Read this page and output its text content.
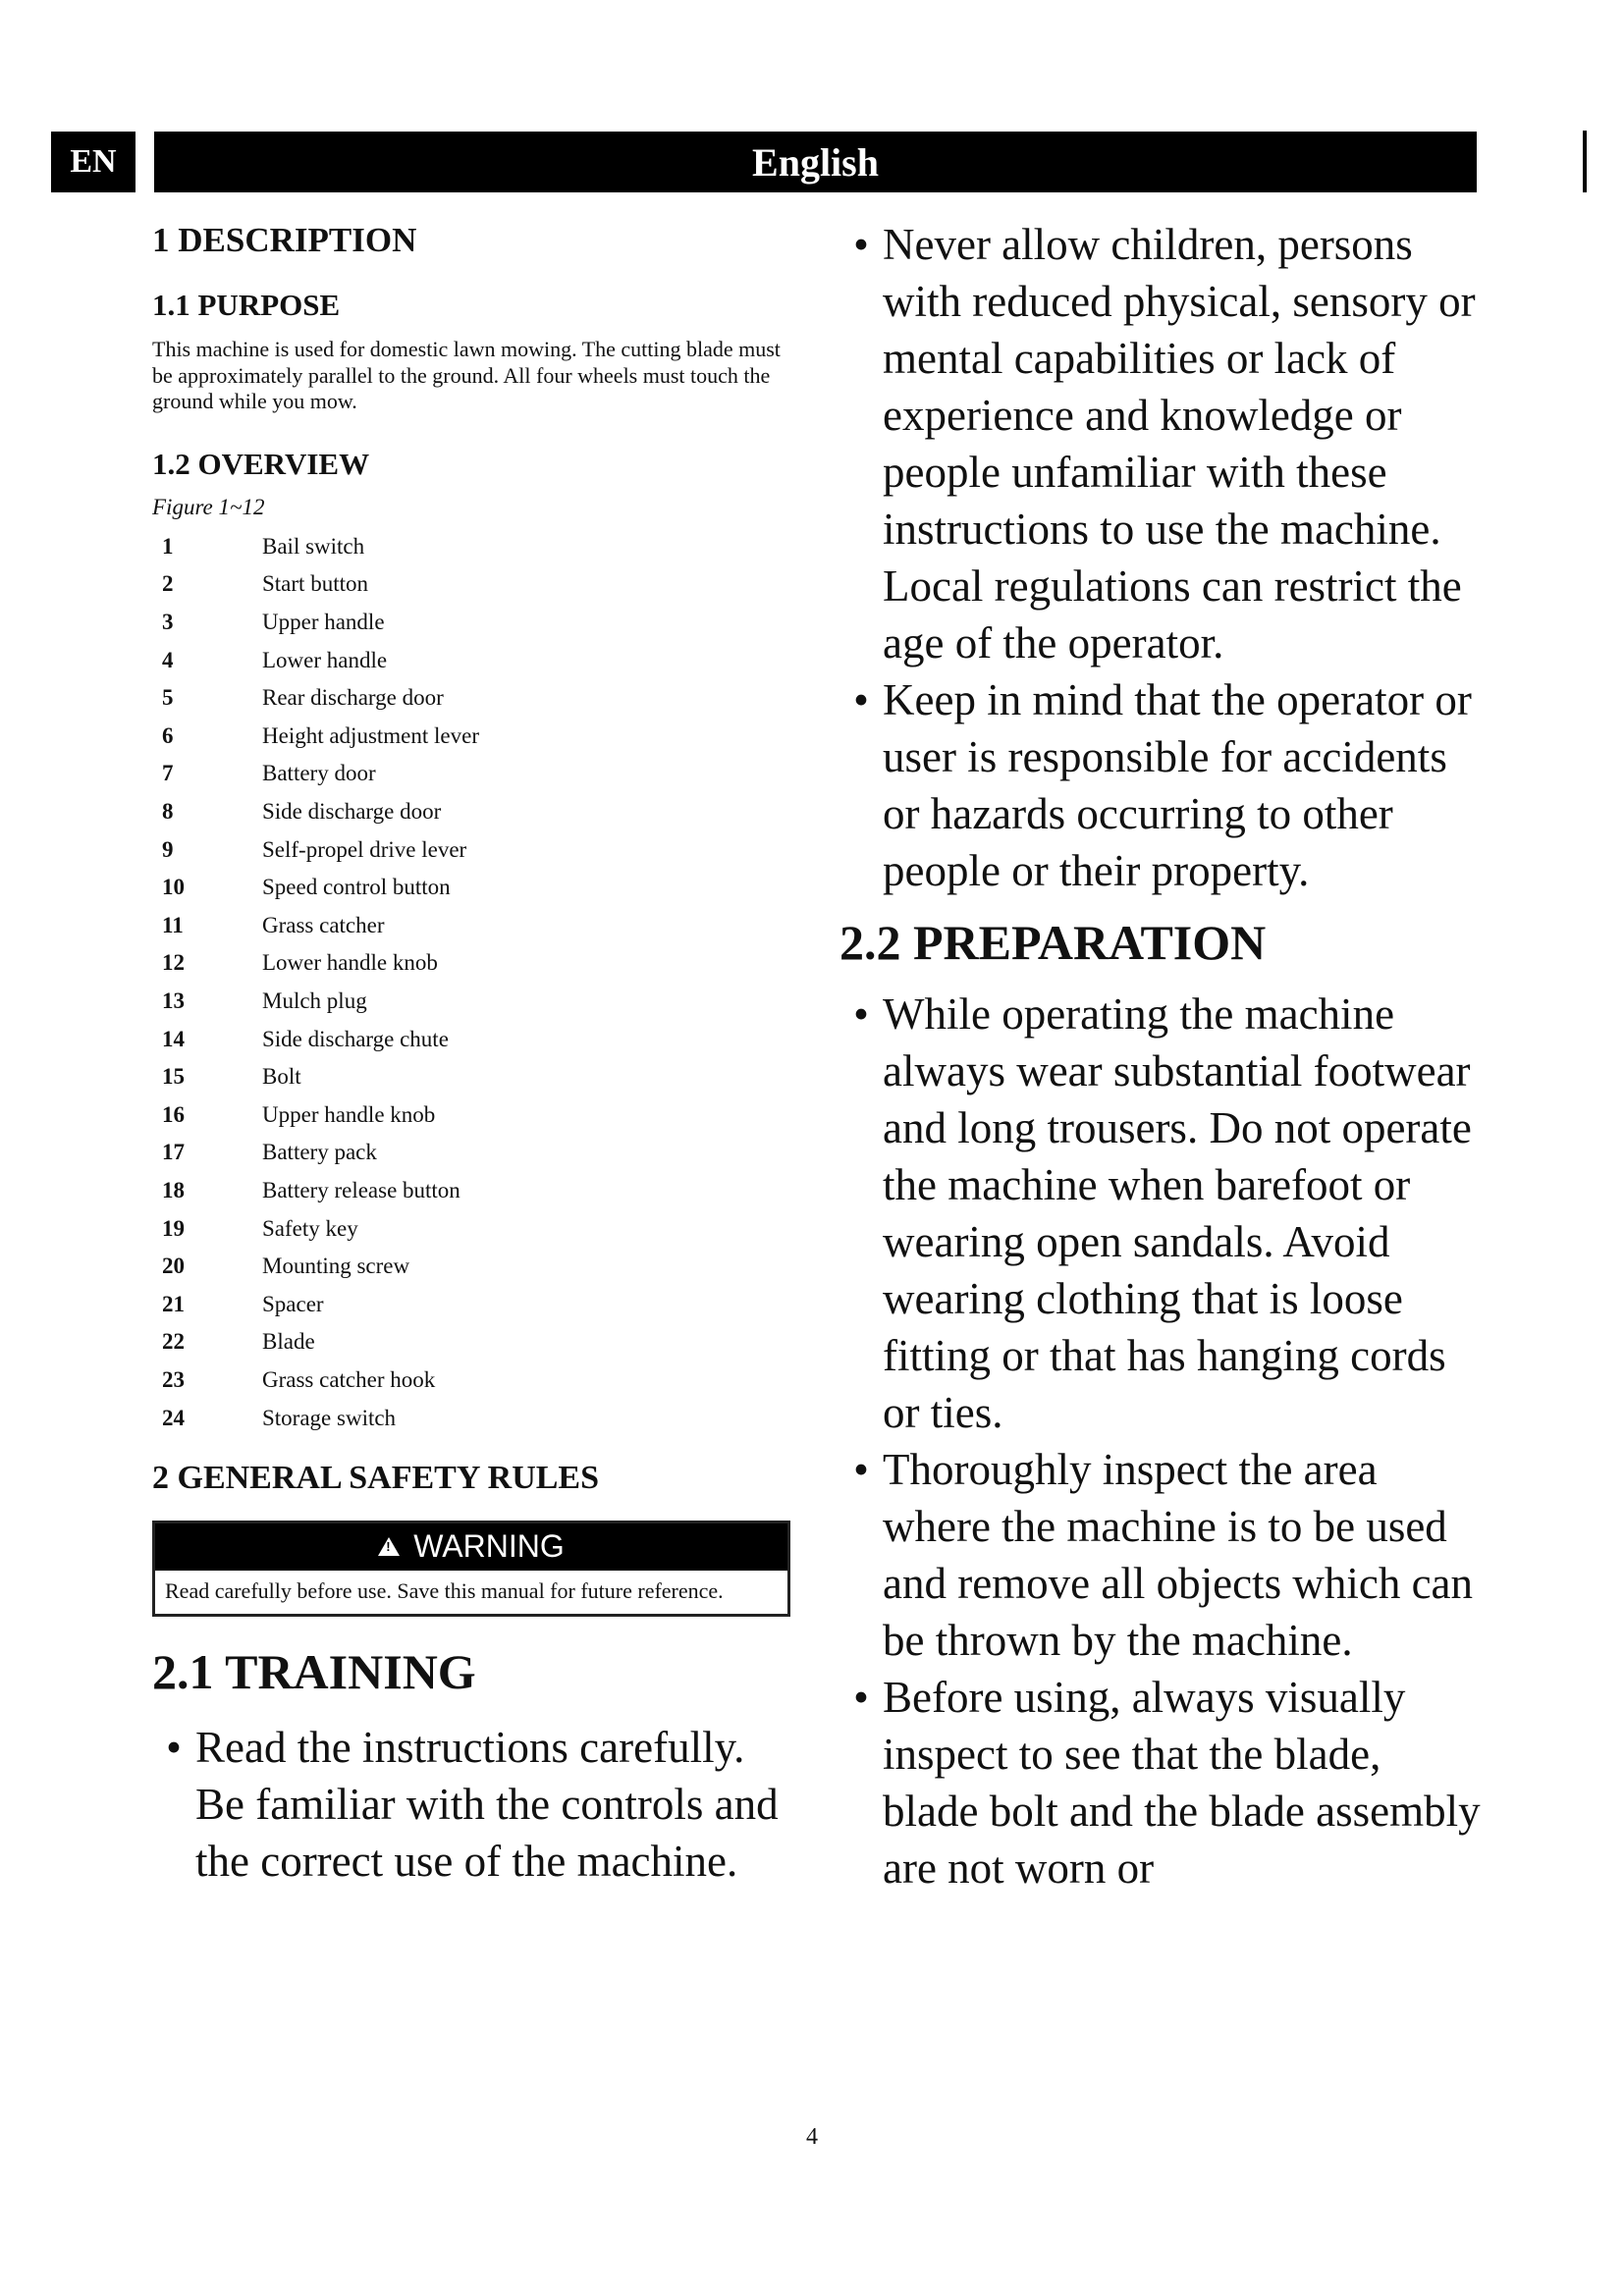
EN	English
1 DESCRIPTION
1.1 PURPOSE

This machine is used for domestic lawn mowing. The cutting blade must be approximately parallel to the ground. All four wheels must touch the ground while you mow.

1.2 OVERVIEW

Figure 1~12

1	Bail switch
2	Start button
3	Upper handle
4	Lower handle
5	Rear discharge door
6	Height adjustment lever
7	Battery door
8	Side discharge door
9	Self-propel drive lever
10	Speed control button
11	Grass catcher
12	Lower handle knob
13	Mulch plug
14	Side discharge chute
15	Bolt
16	Upper handle knob
17	Battery pack
18	Battery release button
19	Safety key
20	Mounting screw
21	Spacer
22	Blade
23	Grass catcher hook
24	Storage switch
2 GENERAL SAFETY RULES
!
WARNING
Read carefully before use. Save this manual for future reference.
2.1 TRAINING
• Read the instructions carefully. Be familiar with the controls and the correct use of the machine.
• Never allow children, persons with reduced physical, sensory or mental capabilities or lack of experience and knowledge or people unfamiliar with these instructions to use the machine. Local regulations can restrict the age of the operator.
• Keep in mind that the operator or user is responsible for accidents or hazards occurring to other people or their property.
2.2 PREPARATION
• While operating the machine always wear substantial footwear and long trousers. Do not operate the machine when barefoot or wearing open sandals. Avoid wearing clothing that is loose fitting or that has hanging cords or ties.
• Thoroughly inspect the area where the machine is to be used and remove all objects which can be thrown by the machine.
• Before using, always visually inspect to see that the blade, blade bolt and the blade assembly are not worn or
4
